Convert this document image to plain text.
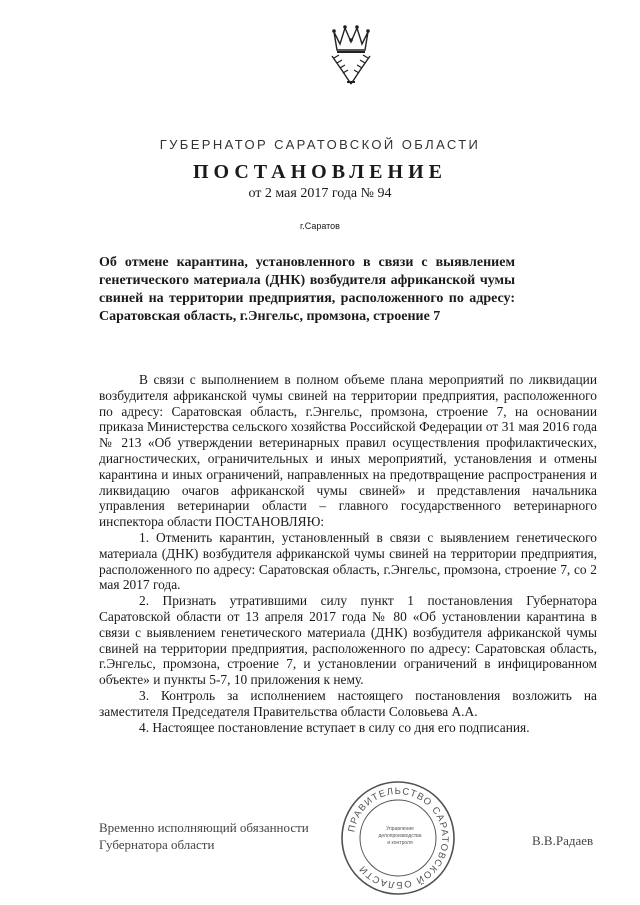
ГУБЕРНАТОР САРАТОВСКОЙ ОБЛАСТИ
ПОСТАНОВЛЕНИЕ
от 2 мая 2017 года № 94
г.Саратов
Об отмене карантина, установленного в связи с выявлением генетического материала (ДНК) возбудителя африканской чумы свиней на территории предприятия, расположенного по адресу: Саратовская область, г.Энгельс, промзона, строение 7

В связи с выполнением в полном объеме плана мероприятий по ликвидации возбудителя африканской чумы свиней на территории предприятия, расположенного по адресу: Саратовская область, г.Энгельс, промзона, строение 7, на основании приказа Министерства сельского хозяйства Российской Федерации от 31 мая 2016 года № 213 «Об утверждении ветеринарных правил осуществления профилактических, диагностических, ограничительных и иных мероприятий, установления и отмены карантина и иных ограничений, направленных на предотвращение распространения и ликвидацию очагов африканской чумы свиней» и представления начальника управления ветеринарии области – главного государственного ветеринарного инспектора области ПОСТАНОВЛЯЮ:

1. Отменить карантин, установленный в связи с выявлением генетического материала (ДНК) возбудителя африканской чумы свиней на территории предприятия, расположенного по адресу: Саратовская область, г.Энгельс, промзона, строение 7, со 2 мая 2017 года.

2. Признать утратившими силу пункт 1 постановления Губернатора Саратовской области от 13 апреля 2017 года № 80 «Об установлении карантина в связи с выявлением генетического материала (ДНК) возбудителя африканской чумы свиней на территории предприятия, расположенного по адресу: Саратовская область, г.Энгельс, промзона, строение 7, и установлении ограничений в инфицированном объекте» и пункты 5-7, 10 приложения к нему.

3. Контроль за исполнением настоящего постановления возложить на заместителя Председателя Правительства области Соловьева А.А.

4. Настоящее постановление вступает в силу со дня его подписания.

ПРАВИТЕЛЬСТВО САРАТОВСКОЙ ОБЛАСТИ
Управление
делопроизводства
и контроля
Временно исполняющий обязанности
Губернатора области	В.В.Радаев
